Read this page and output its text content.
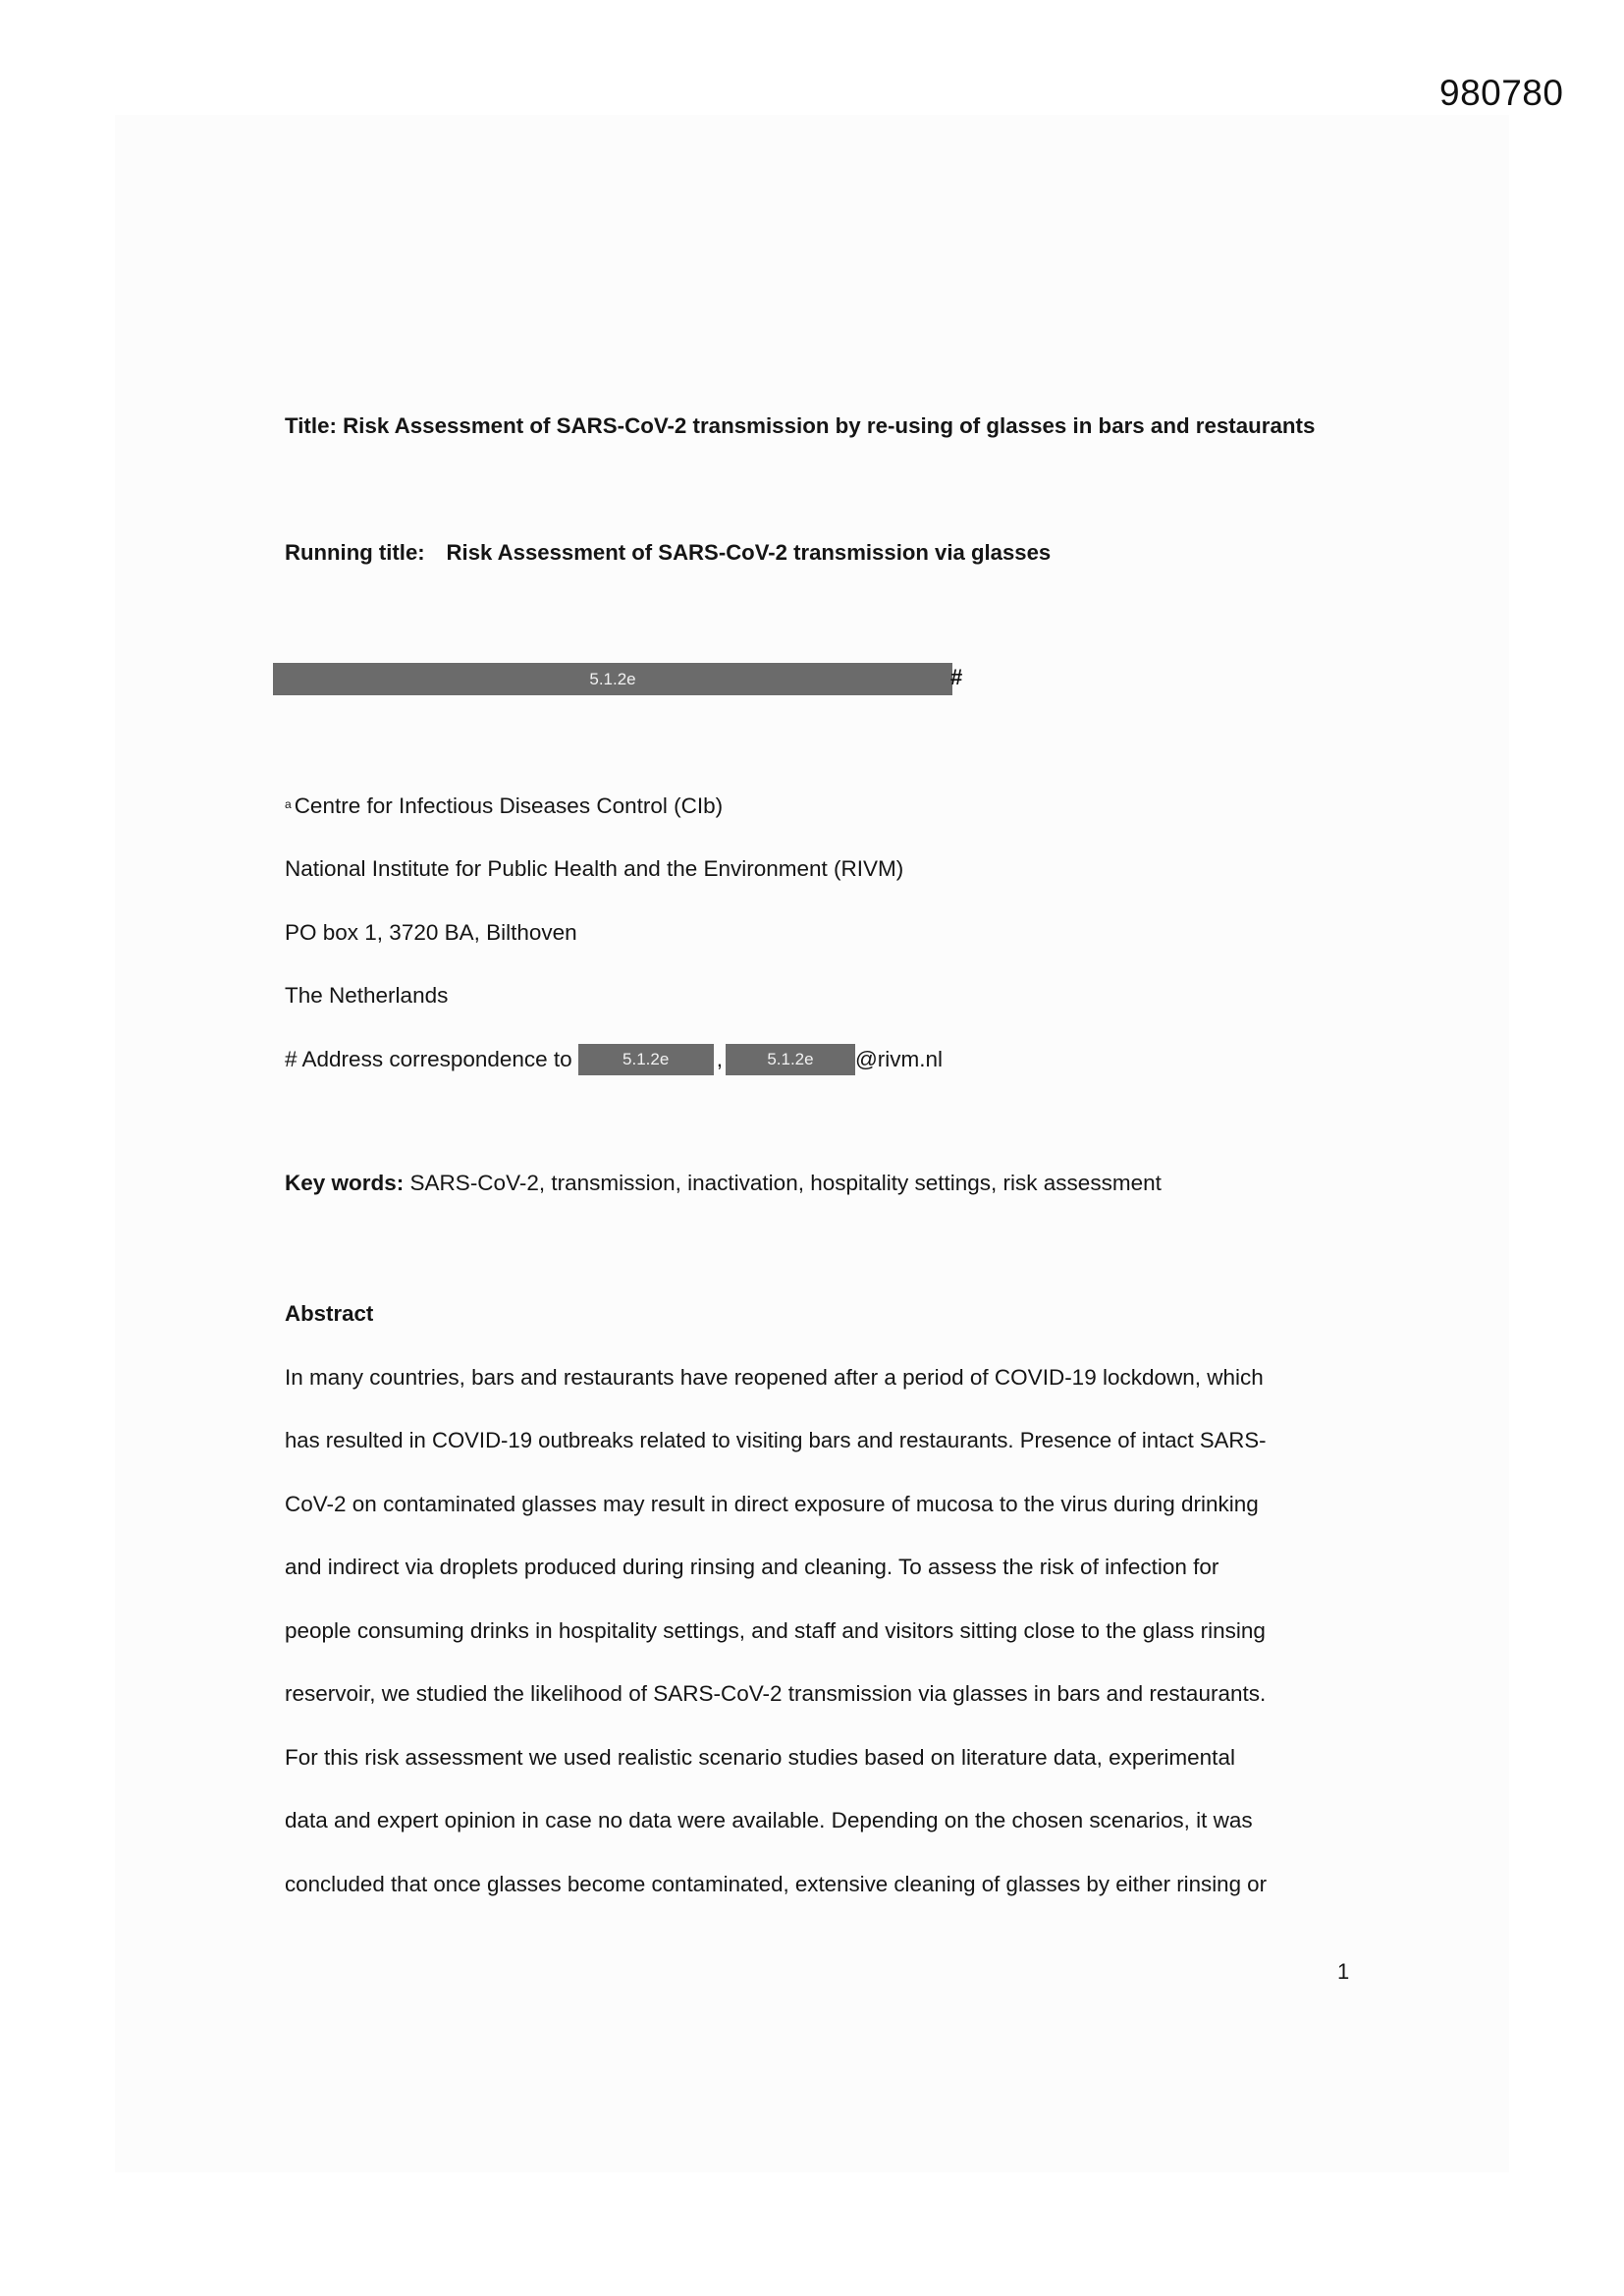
980780
Title: Risk Assessment of SARS-CoV-2 transmission by re-using of glasses in bars and restaurants
Running title: Risk Assessment of SARS-CoV-2 transmission via glasses
5.1.2e	#
$^a$ Centre for Infectious Diseases Control (CIb)
National Institute for Public Health and the Environment (RIVM)
PO box 1, 3720 BA, Bilthoven
The Netherlands
# Address correspondence to	5.1.2e	,	5.1.2e	@rivm.nl
Key words: SARS-CoV-2, transmission, inactivation, hospitality settings, risk assessment
Abstract
In many countries, bars and restaurants have reopened after a period of COVID-19 lockdown, which
has resulted in COVID-19 outbreaks related to visiting bars and restaurants. Presence of intact SARS-
CoV-2 on contaminated glasses may result in direct exposure of mucosa to the virus during drinking
and indirect via droplets produced during rinsing and cleaning. To assess the risk of infection for
people consuming drinks in hospitality settings, and staff and visitors sitting close to the glass rinsing
reservoir, we studied the likelihood of SARS-CoV-2 transmission via glasses in bars and restaurants.
For this risk assessment we used realistic scenario studies based on literature data, experimental
data and expert opinion in case no data were available. Depending on the chosen scenarios, it was
concluded that once glasses become contaminated, extensive cleaning of glasses by either rinsing or
1
